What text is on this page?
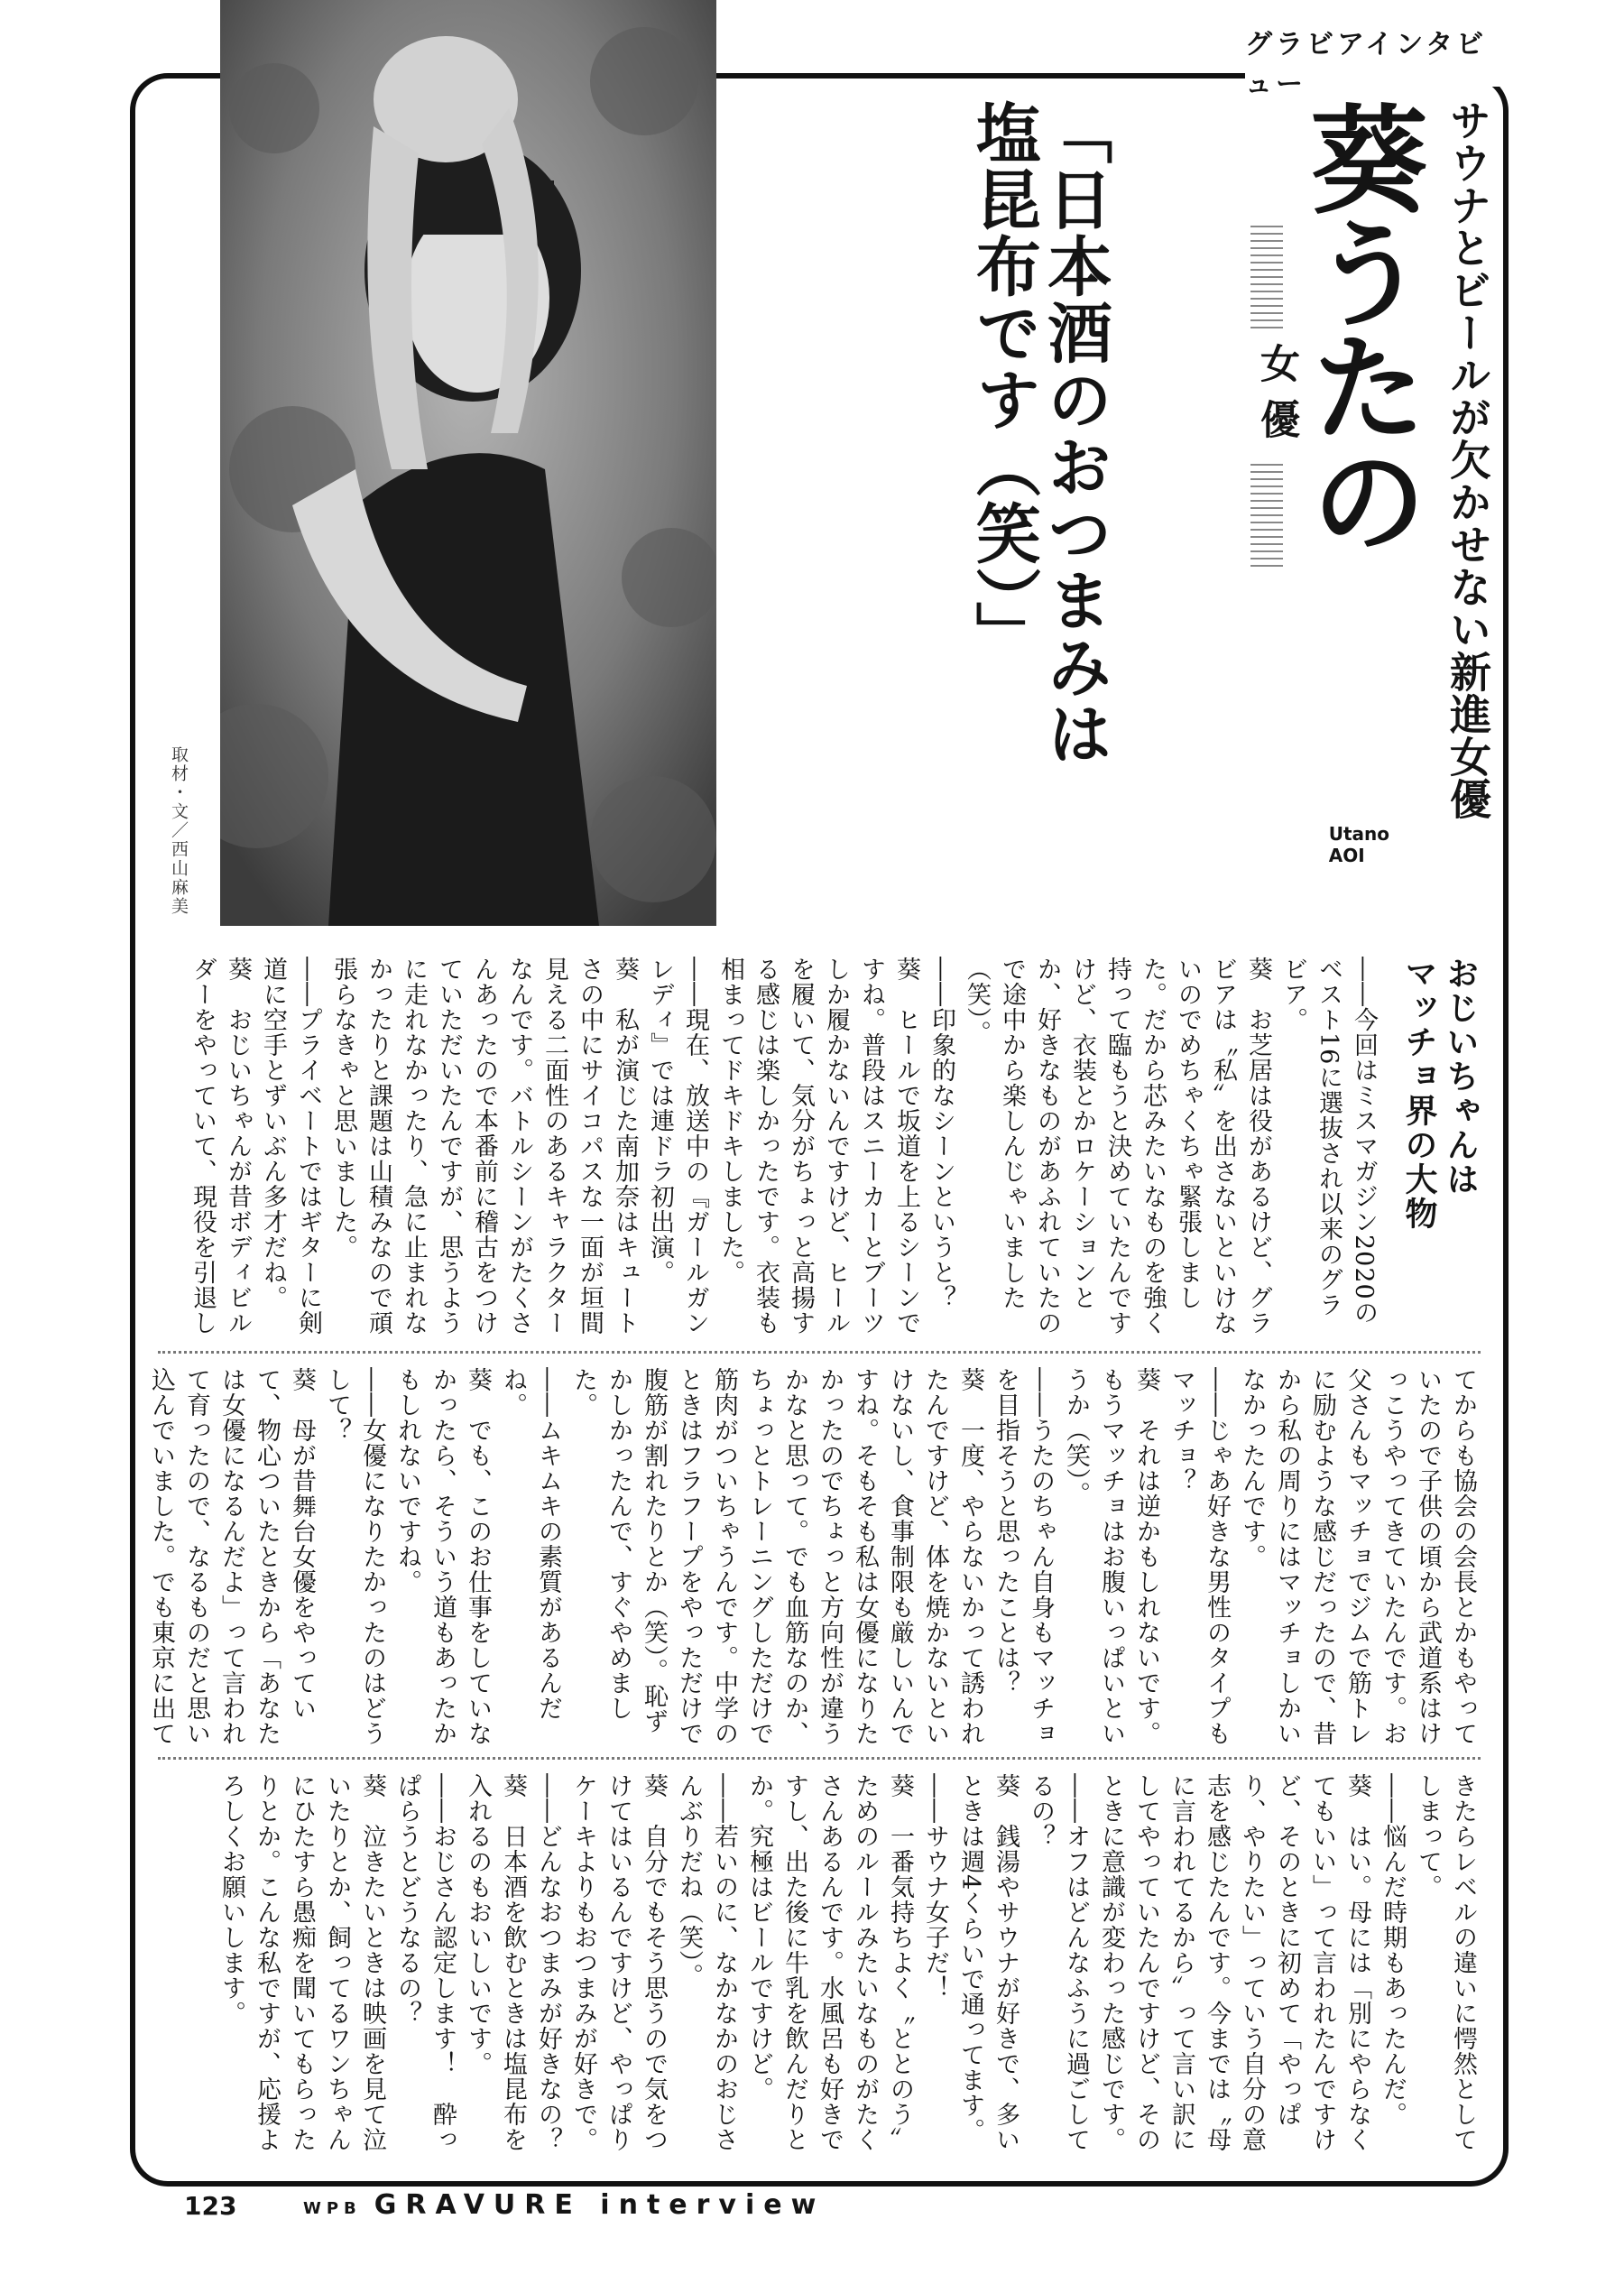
グラビアインタビュー
取材・文／西山麻美
サウナとビールが欠かせない新進女優
葵うたの
女優
Utano
AOI
「日本酒のおつまみは
塩昆布です（笑）」
おじいちゃんは
マッチョ界の大物

――今回はミスマガジン2020のベスト16に選抜され以来のグラビア。

葵　お芝居は役があるけど、グラビアは〝私〟を出さないといけないのでめちゃくちゃ緊張しました。だから芯みたいなものを強く持って臨もうと決めていたんですけど、衣装とかロケーションとか、好きなものがあふれていたので途中から楽しんじゃいました（笑）。

――印象的なシーンというと？

葵　ヒールで坂道を上るシーンですね。普段はスニーカーとブーツしか履かないんですけど、ヒールを履いて、気分がちょっと高揚する感じは楽しかったです。衣装も相まってドキドキしました。

――現在、放送中の『ガールガンレディ』では連ドラ初出演。

葵　私が演じた南加奈はキュートさの中にサイコパスな一面が垣間見える二面性のあるキャラクターなんです。バトルシーンがたくさんあったので本番前に稽古をつけていただいたんですが、思うように走れなかったり、急に止まれなかったりと課題は山積みなので頑張らなきゃと思いました。

――プライベートではギターに剣道に空手とずいぶん多才だね。

葵　おじいちゃんが昔ボディビルダーをやっていて、現役を引退し

てからも協会の会長とかもやっていたので子供の頃から武道系はけっこうやってきていたんです。お父さんもマッチョでジムで筋トレに励むような感じだったので、昔から私の周りにはマッチョしかいなかったんです。

――じゃあ好きな男性のタイプもマッチョ？

葵　それは逆かもしれないです。もうマッチョはお腹いっぱいというか（笑）。

――うたのちゃん自身もマッチョを目指そうと思ったことは？

葵　一度、やらないかって誘われたんですけど、体を焼かないといけないし、食事制限も厳しいんですね。そもそも私は女優になりたかったのでちょっと方向性が違うかなと思って。でも血筋なのか、ちょっとトレーニングしただけで筋肉がついちゃうんです。中学のときはフラフープをやっただけで腹筋が割れたりとか（笑）。恥ずかしかったんで、すぐやめました。

――ムキムキの素質があるんだね。

葵　でも、このお仕事をしていなかったら、そういう道もあったかもしれないですね。

――女優になりたかったのはどうして？

葵　母が昔舞台女優をやっていて、物心ついたときから「あなたは女優になるんだよ」って言われて育ったので、なるものだと思い込んでいました。でも東京に出て

きたらレベルの違いに愕然としてしまって。

――悩んだ時期もあったんだ。

葵　はい。母には「別にやらなくてもいい」って言われたんですけど、そのときに初めて「やっぱり、やりたい」っていう自分の意志を感じたんです。今までは〝母に言われてるから〟って言い訳にしてやっていたんですけど、そのときに意識が変わった感じです。

――オフはどんなふうに過ごしてるの？

葵　銭湯やサウナが好きで、多いときは週4くらいで通ってます。

――サウナ女子だ！

葵　一番気持ちよく〝ととのう〟ためのルールみたいなものがたくさんあるんです。水風呂も好きですし、出た後に牛乳を飲んだりとか。究極はビールですけど。

――若いのに、なかなかのおじさんぶりだね（笑）。

葵　自分でもそう思うので気をつけてはいるんですけど、やっぱりケーキよりもおつまみが好きで。

――どんなおつまみが好きなの？

葵　日本酒を飲むときは塩昆布を入れるのもおいしいです。

――おじさん認定します！　酔っぱらうとどうなるの？

葵　泣きたいときは映画を見て泣いたりとか、飼ってるワンちゃんにひたすら愚痴を聞いてもらったりとか。こんな私ですが、応援よろしくお願いします。

123	WPB GRAVURE interview
